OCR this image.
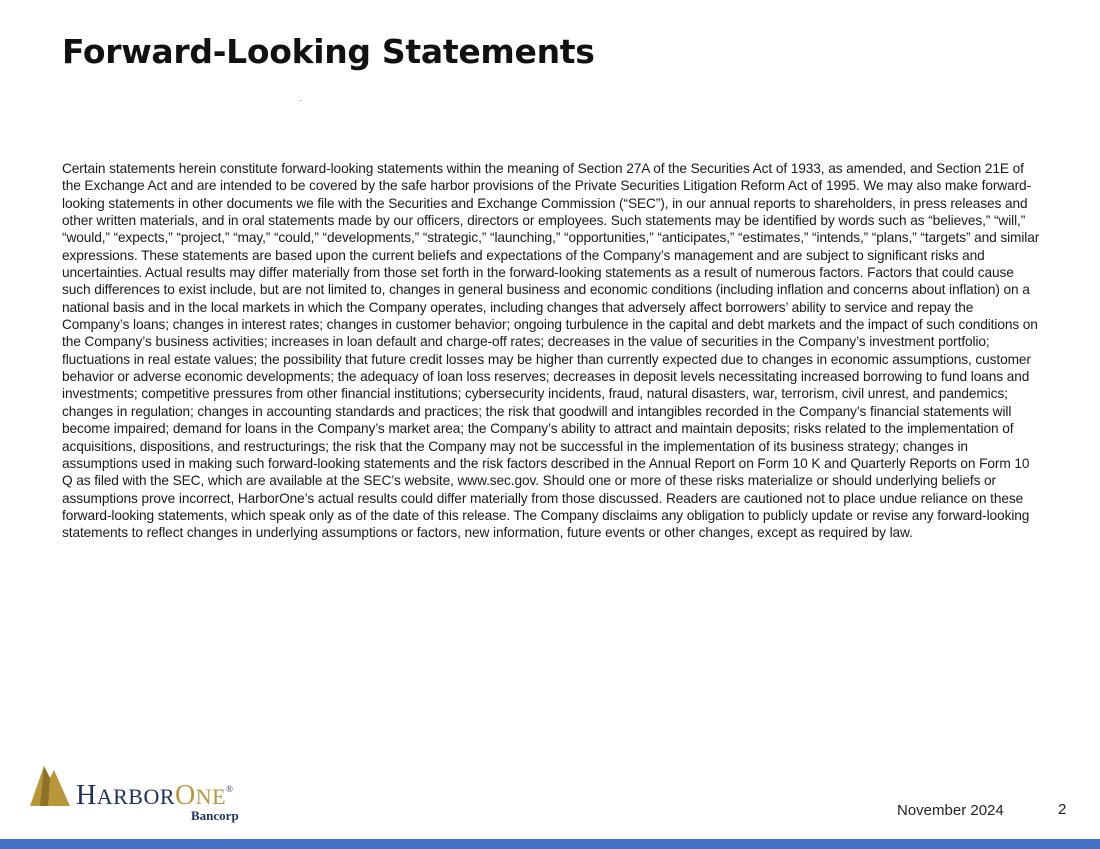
Forward-Looking Statements

Certain statements herein constitute forward-looking statements within the meaning of Section 27A of the Securities Act of 1933, as amended, and Section 21E of the Exchange Act and are intended to be covered by the safe harbor provisions of the Private Securities Litigation Reform Act of 1995. We may also make forward-looking statements in other documents we file with the Securities and Exchange Commission (“SEC”), in our annual reports to shareholders, in press releases and other written materials, and in oral statements made by our officers, directors or employees. Such statements may be identified by words such as “believes,” “will,” “would,” “expects,” “project,” “may,” “could,” “developments,” “strategic,” “launching,” “opportunities,” “anticipates,” “estimates,” “intends,” “plans,” “targets” and similar expressions. These statements are based upon the current beliefs and expectations of the Company’s management and are subject to significant risks and uncertainties. Actual results may differ materially from those set forth in the forward-looking statements as a result of numerous factors. Factors that could cause such differences to exist include, but are not limited to, changes in general business and economic conditions (including inflation and concerns about inflation) on a national basis and in the local markets in which the Company operates, including changes that adversely affect borrowers’ ability to service and repay the Company’s loans; changes in interest rates; changes in customer behavior; ongoing turbulence in the capital and debt markets and the impact of such conditions on the Company’s business activities; increases in loan default and charge-off rates; decreases in the value of securities in the Company’s investment portfolio; fluctuations in real estate values; the possibility that future credit losses may be higher than currently expected due to changes in economic assumptions, customer behavior or adverse economic developments; the adequacy of loan loss reserves; decreases in deposit levels necessitating increased borrowing to fund loans and investments; competitive pressures from other financial institutions; cybersecurity incidents, fraud, natural disasters, war, terrorism, civil unrest, and pandemics; changes in regulation; changes in accounting standards and practices; the risk that goodwill and intangibles recorded in the Company’s financial statements will become impaired; demand for loans in the Company’s market area; the Company’s ability to attract and maintain deposits; risks related to the implementation of acquisitions, dispositions, and restructurings; the risk that the Company may not be successful in the implementation of its business strategy; changes in assumptions used in making such forward-looking statements and the risk factors described in the Annual Report on Form 10 K and Quarterly Reports on Form 10 Q as filed with the SEC, which are available at the SEC’s website, www.sec.gov. Should one or more of these risks materialize or should underlying beliefs or assumptions prove incorrect, HarborOne’s actual results could differ materially from those discussed. Readers are cautioned not to place undue reliance on these forward-looking statements, which speak only as of the date of this release. The Company disclaims any obligation to publicly update or revise any forward-looking statements to reflect changes in underlying assumptions or factors, new information, future events or other changes, except as required by law.

HARBORONE®
Bancorp	November 2024	2
